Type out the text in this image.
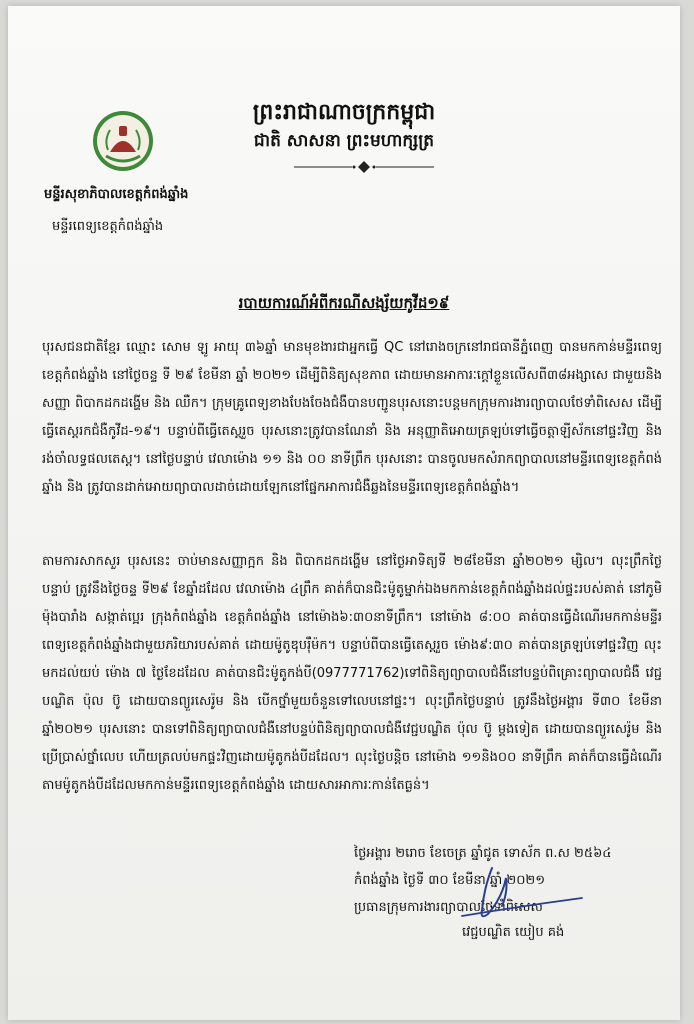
ព្រះរាជាណាចក្រកម្ពុជា
ជាតិ សាសនា ព្រះមហាក្សត្រ
មន្ទីរសុខាភិបាលខេត្តកំពង់ឆ្នាំង
មន្ទីរពេទ្យខេត្តកំពង់ឆ្នាំង
របាយការណ៍អំពីករណីសង្ស័យកូវីដ១៩
បុរសជនជាតិខ្មែរ ឈ្មោះ សោម ឡូ អាយុ ៣៦ឆ្នាំ មានមុខងារជាអ្នកធ្វើ QC នៅរោងចក្រនៅរាជធានីភ្នំពេញ បានមកកាន់មន្ទីរពេទ្យខេត្តកំពង់ឆ្នាំង នៅថ្ងៃចន្ទ ទី ២៩ ខែមីនា ឆ្នាំ ២០២១ ដើម្បីពិនិត្យសុខភាព ដោយមានអាការៈក្តៅខ្លួនលើសពី៣៨អង្សាសេ ជាមួយនិងសញ្ញា ពិបាកដកដង្ហើម និង ឈឺក។ ក្រុមគ្រូពេទ្យខាងបែងចែងជំងឺបានបញ្ជូនបុរសនោះបន្តមកក្រុមការងារព្យាបាលថែទាំពិសេស ដើម្បីធ្វើតេស្តរកជំងឺកូវីដ-១៩។ បន្ទាប់ពីធ្វើតេស្តរួច បុរសនោះត្រូវបានណែនាំ និង អនុញ្ញាតិអោយត្រឡប់ទៅធ្វើចត្តាឡីស័កនៅផ្ទះវិញ និង រង់ចាំលទ្ធផលតេស្ត។ នៅថ្ងៃបន្ទាប់ វេលាម៉ោង ១១ និង ០០ នាទីព្រឹក បុរសនោះ បានចូលមកសំរាកព្យាបាលនៅមន្ទីរពេទ្យខេត្តកំពង់ឆ្នាំង និង ត្រូវបានដាក់អោយព្យាបាលដាច់ដោយឡែកនៅផ្នែកអាការជំងឺឆ្លងនៃមន្ទីរពេទ្យខេត្តកំពង់ឆ្នាំង។
តាមការសាកសួរ បុរសនេះ ចាប់មានសញ្ញាក្អក និង ពិបាកដកដង្ហើម នៅថ្ងៃអាទិត្យទី ២៨ខែមីនា ឆ្នាំ២០២១ ម្សិល។ លុះព្រឹកថ្ងៃបន្ទាប់ ត្រូវនឹងថ្ងៃចន្ទ ទី២៩ ខែឆ្នាំដដែល វេលាម៉ោង ៤ព្រឹក គាត់ក៏បានជិះម៉ូតូម្នាក់ឯងមកកាន់ខេត្តកំពង់ឆ្នាំងដល់ផ្ទះរបស់គាត់ នៅភូមិម៉ុងបារាំង សង្កាត់ប្អេរ ក្រុងកំពង់ឆ្នាំង ខេត្តកំពង់ឆ្នាំង នៅម៉ោង៦:៣០នាទីព្រឹក។ នៅម៉ោង ៨:០០ គាត់បានធ្វើដំណើរមកកាន់មន្ទីរពេទ្យខេត្តកំពង់ឆ្នាំងជាមួយភរិយារបស់គាត់ ដោយម៉ូតូឌុបរ៉ឺម៉ក។ បន្ទាប់ពីបានធ្វើតេស្តរួច ម៉ោង៩:៣០ គាត់បានត្រឡប់ទៅផ្ទះវិញ លុះមកដល់យប់ ម៉ោង ៧ ថ្ងៃខែដដែល គាត់បានជិះម៉ូតូកង់បី(0977771762)ទៅពិនិត្យព្យាបាលជំងឺនៅបន្ទប់ពិគ្រោះព្យាបាលជំងឺ វេជ្ជបណ្ឌិត ប៉ុល ប៊ូ ដោយបានព្យួរសេរ៉ូម និង បើកថ្នាំមួយចំនួនទៅលេបនៅផ្ទះ។ លុះព្រឹកថ្ងៃបន្ទាប់ ត្រូវនឹងថ្ងៃអង្គារ ទី៣០ ខែមីនា ឆ្នាំ២០២១ បុរសនោះ បានទៅពិនិត្យព្យាបាលជំងឺនៅបន្ទប់ពិនិត្យព្យាបាលជំងឺវេជ្ជបណ្ឌិត ប៉ុល ប៊ូ ម្តងទៀត ដោយបានព្យួរសេរ៉ូម និង ប្រើប្រាស់ថ្នាំលេប ហើយត្រលប់មកផ្ទះវិញដោយម៉ូតូកង់បីដដែល។ លុះថ្ងៃបន្តិច នៅម៉ោង ១១និង០០ នាទីព្រឹក គាត់ក៏បានធ្វើដំណើរតាមម៉ូតូកង់បីដដែលមកកាន់មន្ទីរពេទ្យខេត្តកំពង់ឆ្នាំង ដោយសារអាការៈកាន់តែធ្ងន់។
ថ្ងៃអង្គារ ២រោច ខែចេត្រ ឆ្នាំជូត ទោស័ក ព.ស ២៥៦៤
កំពង់ឆ្នាំង ថ្ងៃទី ៣០ ខែមីនា ឆ្នាំ ២០២១
ប្រធានក្រុមការងារព្យាបាលថែទាំពិសេស
វេជ្ជបណ្ឌិត យៀប គង់
